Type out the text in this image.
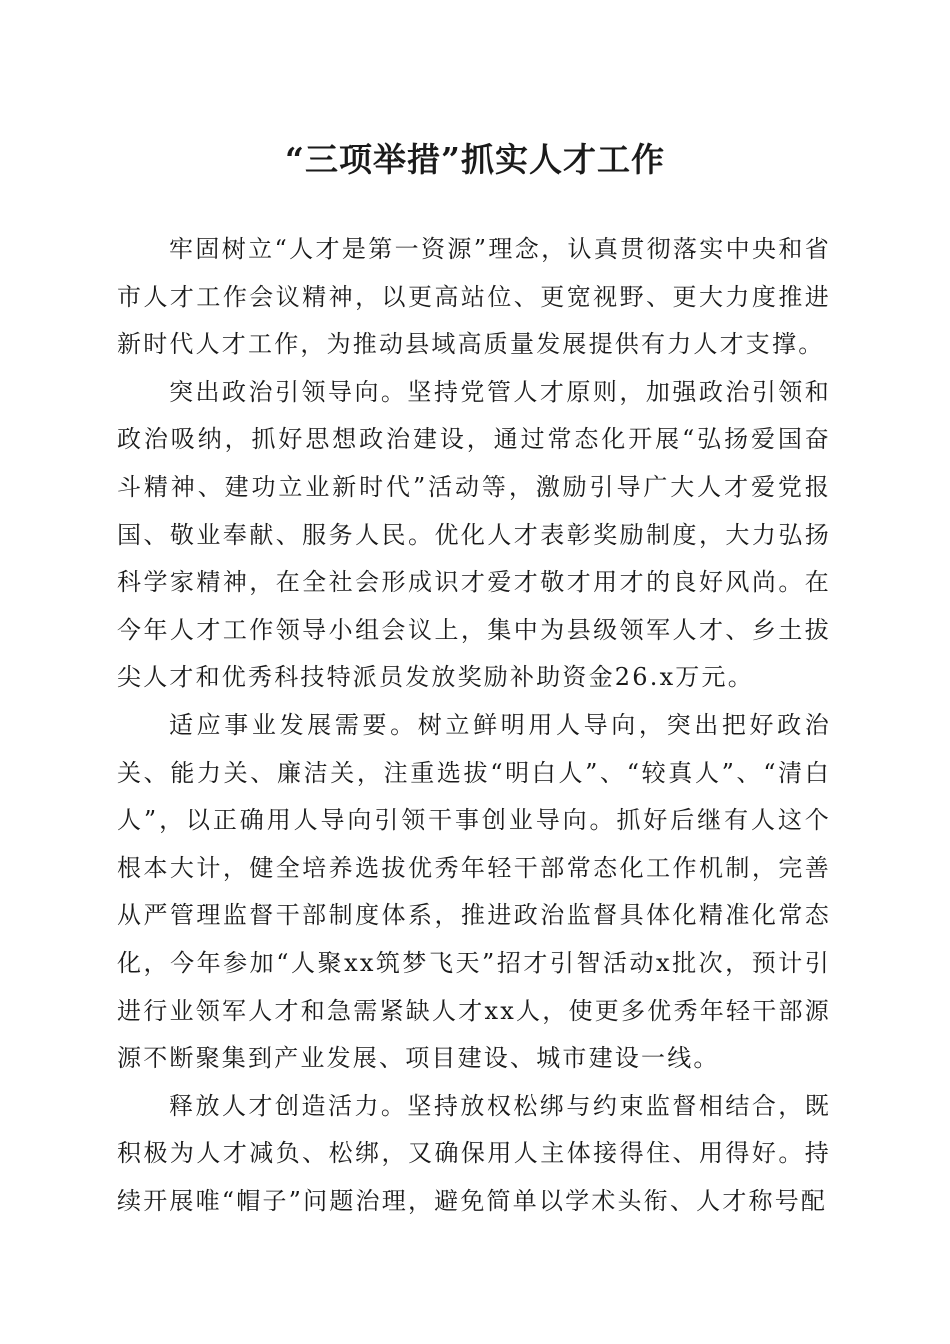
“三项举措”抓实人才工作

牢固树立“人才是第一资源”理念，认真贯彻落实中央和省市人才工作会议精神，以更高站位、更宽视野、更大力度推进新时代人才工作，为推动县域高质量发展提供有力人才支撑。

突出政治引领导向。坚持党管人才原则，加强政治引领和政治吸纳，抓好思想政治建设，通过常态化开展“弘扬爱国奋斗精神、建功立业新时代”活动等，激励引导广大人才爱党报国、敬业奉献、服务人民。优化人才表彰奖励制度，大力弘扬科学家精神，在全社会形成识才爱才敬才用才的良好风尚。在今年人才工作领导小组会议上，集中为县级领军人才、乡土拔尖人才和优秀科技特派员发放奖励补助资金26.x万元。

适应事业发展需要。树立鲜明用人导向，突出把好政治关、能力关、廉洁关，注重选拔“明白人”、“较真人”、“清白人”，以正确用人导向引领干事创业导向。抓好后继有人这个根本大计，健全培养选拔优秀年轻干部常态化工作机制，完善从严管理监督干部制度体系，推进政治监督具体化精准化常态化，今年参加“人聚xx筑梦飞天”招才引智活动x批次，预计引进行业领军人才和急需紧缺人才xx人，使更多优秀年轻干部源源不断聚集到产业发展、项目建设、城市建设一线。

释放人才创造活力。坚持放权松绑与约束监督相结合，既积极为人才减负、松绑，又确保用人主体接得住、用得好。持续开展唯“帽子”问题治理，避免简单以学术头衔、人才称号配
